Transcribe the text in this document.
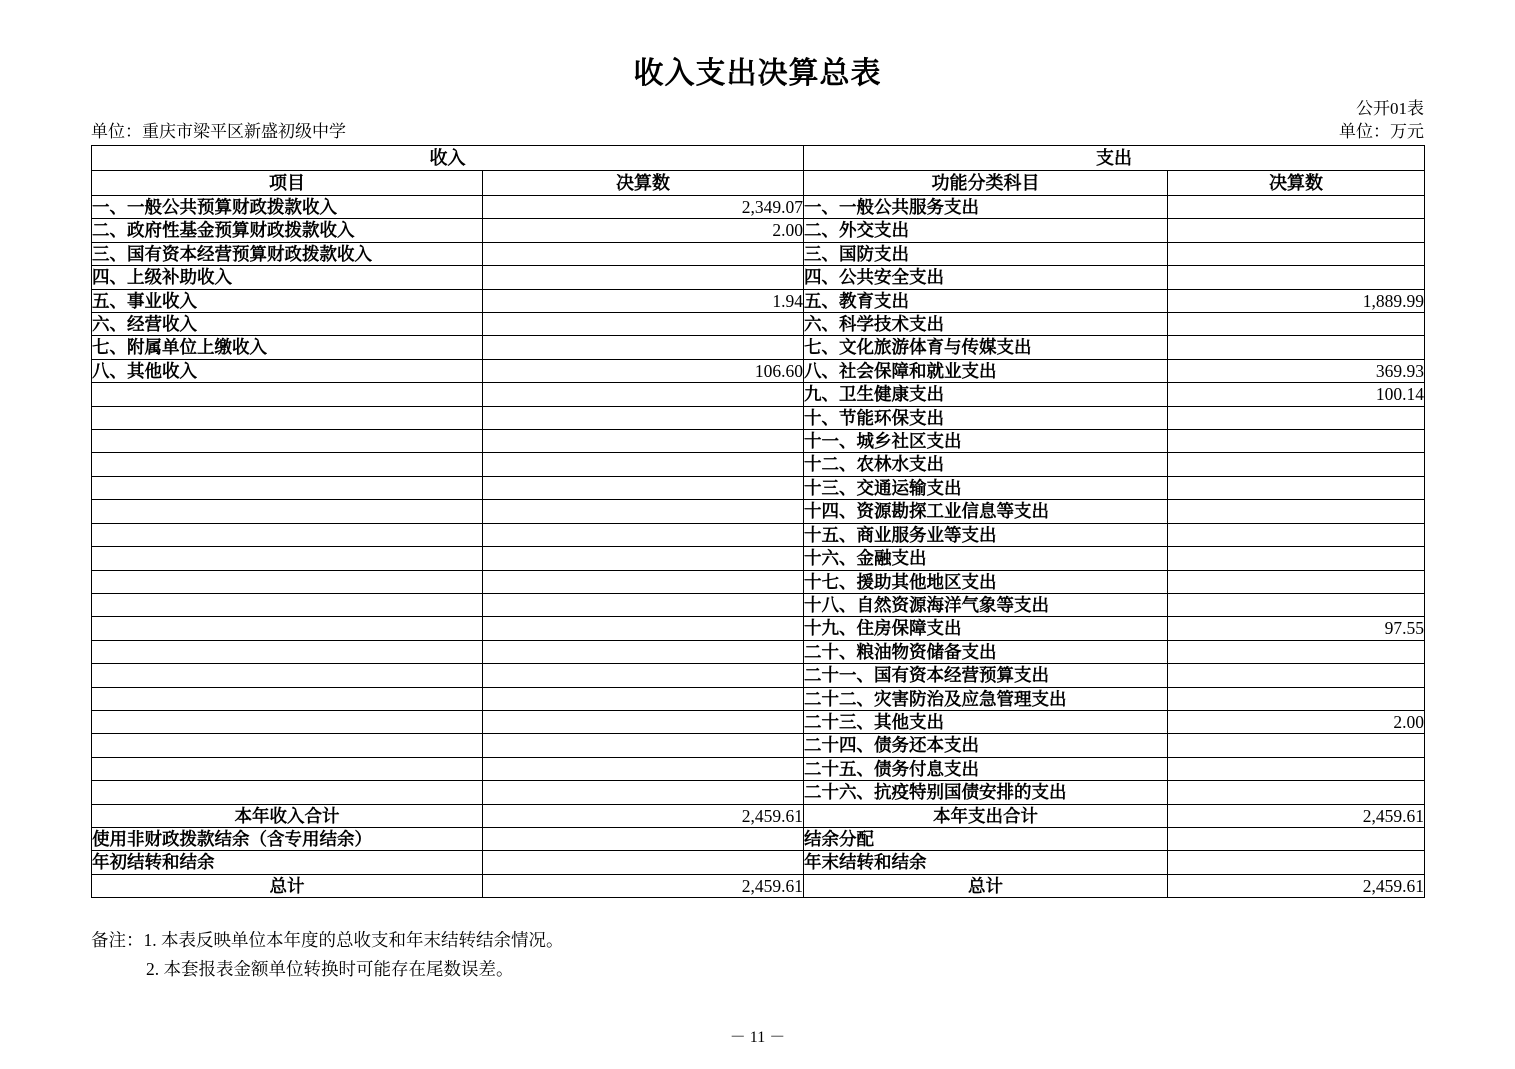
收入支出决算总表
公开01表
单位：重庆市梁平区新盛初级中学	单位：万元
收入		支出	
项目	决算数	功能分类科目	决算数
一、一般公共预算财政拨款收入	2,349.07	一、一般公共服务支出	
二、政府性基金预算财政拨款收入	2.00	二、外交支出	
三、国有资本经营预算财政拨款收入		三、国防支出	
四、上级补助收入		四、公共安全支出	
五、事业收入	1.94	五、教育支出	1,889.99
六、经营收入		六、科学技术支出	
七、附属单位上缴收入		七、文化旅游体育与传媒支出	
八、其他收入	106.60	八、社会保障和就业支出	369.93
		九、卫生健康支出	100.14
		十、节能环保支出	
		十一、城乡社区支出	
		十二、农林水支出	
		十三、交通运输支出	
		十四、资源勘探工业信息等支出	
		十五、商业服务业等支出	
		十六、金融支出	
		十七、援助其他地区支出	
		十八、自然资源海洋气象等支出	
		十九、住房保障支出	97.55
		二十、粮油物资储备支出	
		二十一、国有资本经营预算支出	
		二十二、灾害防治及应急管理支出	
		二十三、其他支出	2.00
		二十四、债务还本支出	
		二十五、债务付息支出	
		二十六、抗疫特别国债安排的支出	
本年收入合计	2,459.61	本年支出合计	2,459.61
使用非财政拨款结余（含专用结余）		结余分配	
年初结转和结余		年末结转和结余	
总计	2,459.61	总计	2,459.61
备注：1. 本表反映单位本年度的总收支和年末结转结余情况。
2. 本套报表金额单位转换时可能存在尾数误差。
－ 11 －
